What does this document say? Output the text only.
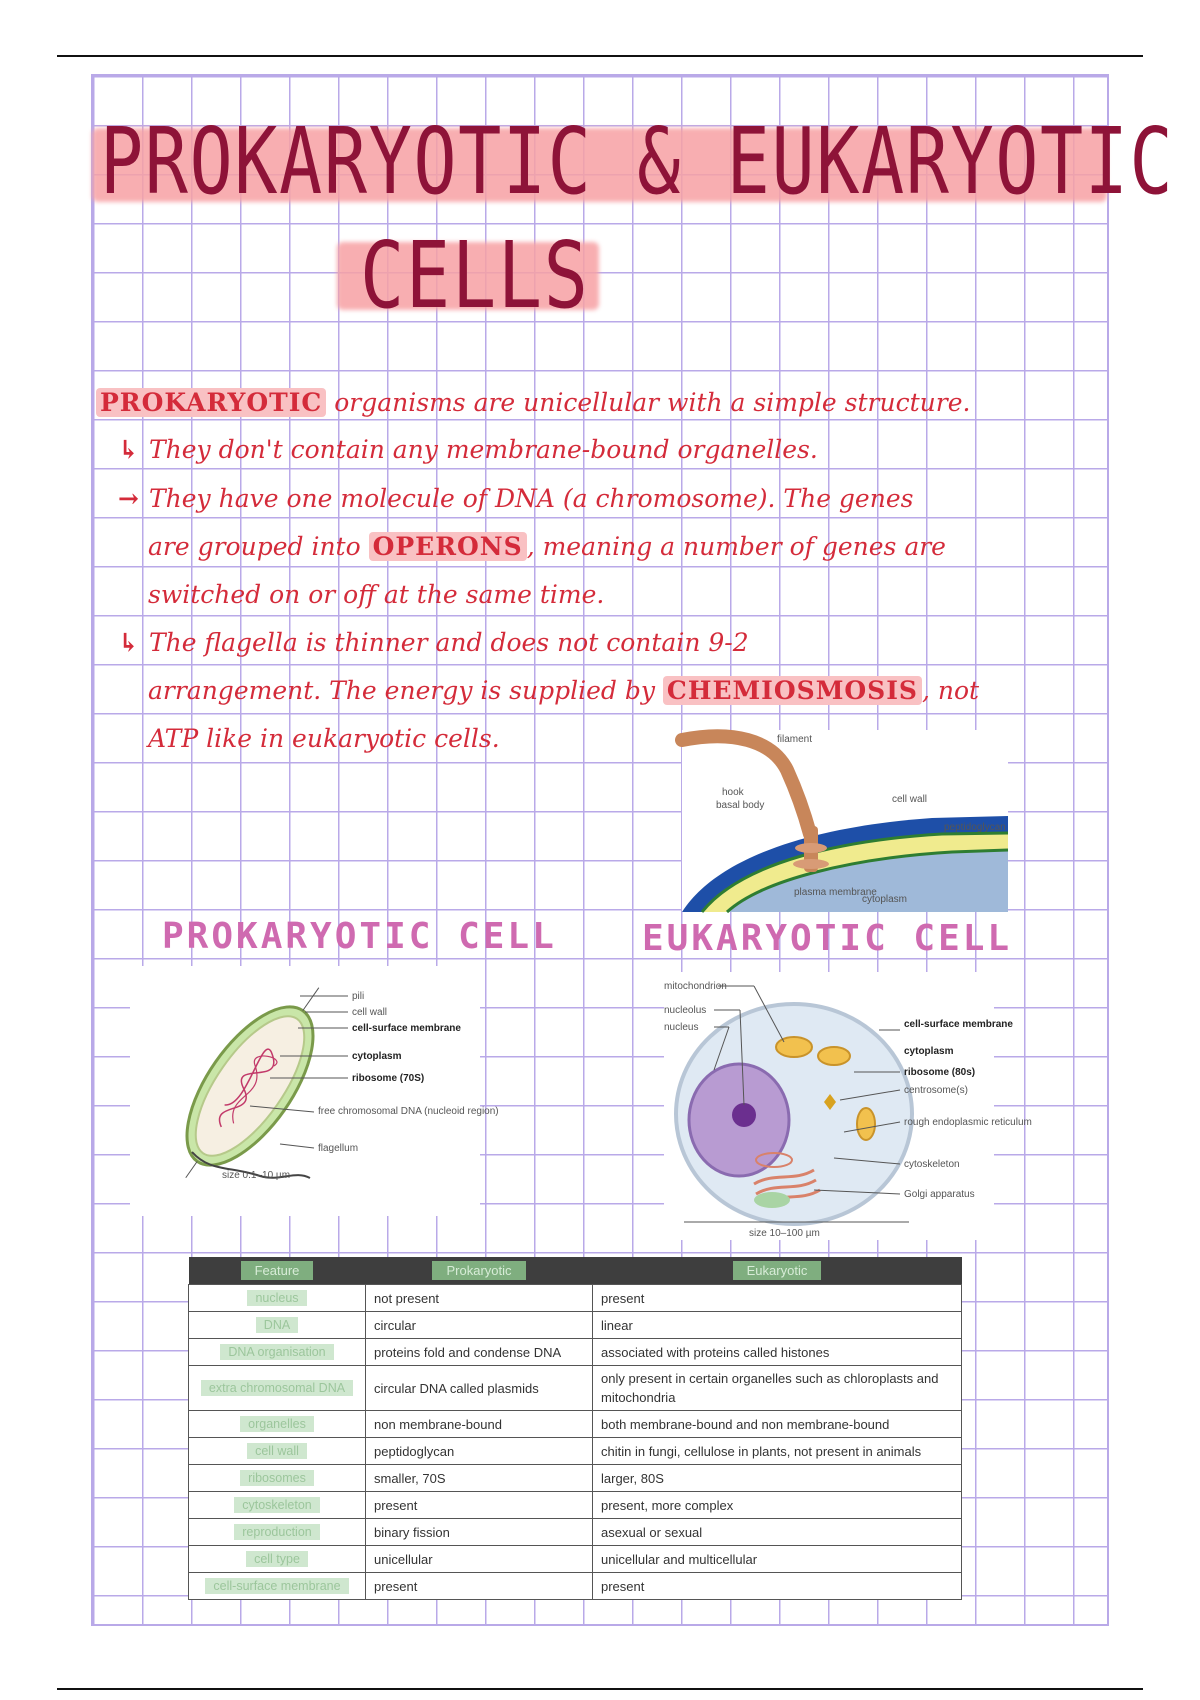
PROKARYOTIC & EUKARYOTIC
CELLS
PROKARYOTIC organisms are unicellular with a simple structure.
↳ They don't contain any membrane-bound organelles.
→ They have one molecule of DNA (a chromosome). The genes
are grouped into OPERONS , meaning a number of genes are
switched on or off at the same time.
↳ The flagella is thinner and does not contain 9-2
arrangement. The energy is supplied by CHEMIOSMOSIS , not
ATP like in eukaryotic cells.	filament
hook
basal body
cell wall
peptidoglycan
plasma membrane
cytoplasm
PROKARYOTIC CELL EUKARYOTIC CELL
pili
cell wall
cell-surface membrane
cytoplasm
ribosome (70S)
free chromosomal DNA (nucleoid region)
flagellum
size 0.1–10 µm
mitochondrion
nucleolus
nucleus	cell-surface membrane
cytoplasm
ribosome (80s)
centrosome(s)
rough endoplasmic reticulum
cytoskeleton
Golgi apparatus
size 10–100 µm
Feature	Prokaryotic	Eukaryotic
nucleus	not present	present
DNA	circular	linear
DNA organisation	proteins fold and condense DNA	associated with proteins called histones
extra chromosomal DNA	circular DNA called plasmids	only present in certain organelles such as chloroplasts and mitochondria
organelles	non membrane-bound	both membrane-bound and non membrane-bound
cell wall	peptidoglycan	chitin in fungi, cellulose in plants, not present in animals
ribosomes	smaller, 70S	larger, 80S
cytoskeleton	present	present, more complex
reproduction	binary fission	asexual or sexual
cell type	unicellular	unicellular and multicellular
cell-surface membrane	present	present
